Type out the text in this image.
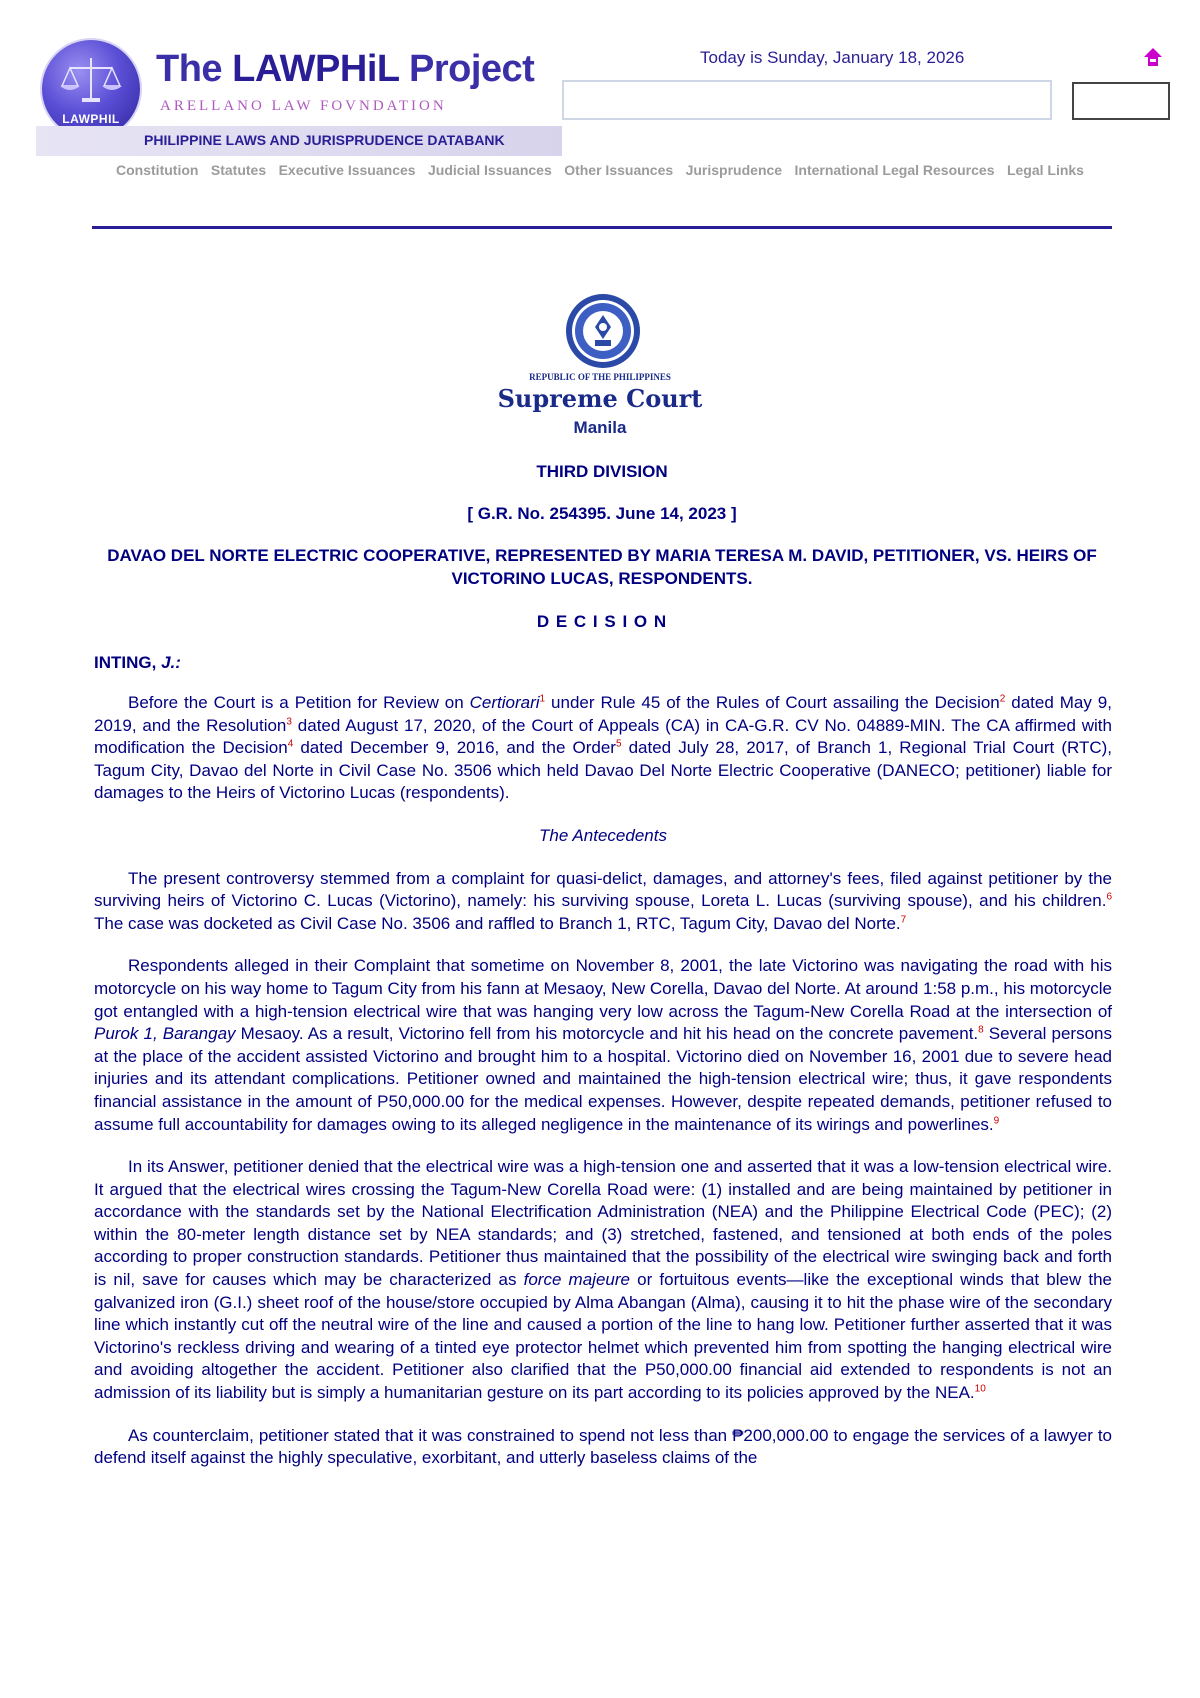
LAWPHIL
The LAWPHiL Project
ARELLANO LAW FOVNDATION
PHILIPPINE LAWS AND JURISPRUDENCE DATABANK
Today is Sunday, January 18, 2026
Constitution Statutes Executive Issuances Judicial Issuances Other Issuances Jurisprudence International Legal Resources Legal Links
REPUBLIC OF THE PHILIPPINES
Supreme Court
Manila
THIRD DIVISION
[ G.R. No. 254395. June 14, 2023 ]
DAVAO DEL NORTE ELECTRIC COOPERATIVE, REPRESENTED BY MARIA TERESA M. DAVID, PETITIONER, VS. HEIRS OF VICTORINO LUCAS, RESPONDENTS.
D E C I S I O N
INTING, J.:

Before the Court is a Petition for Review on Certiorari$^1$ under Rule 45 of the Rules of Court assailing the Decision$^2$ dated May 9, 2019, and the Resolution$^3$ dated August 17, 2020, of the Court of Appeals (CA) in CA-G.R. CV No. 04889-MIN. The CA affirmed with modification the Decision$^4$ dated December 9, 2016, and the Order$^5$ dated July 28, 2017, of Branch 1, Regional Trial Court (RTC), Tagum City, Davao del Norte in Civil Case No. 3506 which held Davao Del Norte Electric Cooperative (DANECO; petitioner) liable for damages to the Heirs of Victorino Lucas (respondents).

The Antecedents

The present controversy stemmed from a complaint for quasi-delict, damages, and attorney's fees, filed against petitioner by the surviving heirs of Victorino C. Lucas (Victorino), namely: his surviving spouse, Loreta L. Lucas (surviving spouse), and his children.$^6$ The case was docketed as Civil Case No. 3506 and raffled to Branch 1, RTC, Tagum City, Davao del Norte.$^7$

Respondents alleged in their Complaint that sometime on November 8, 2001, the late Victorino was navigating the road with his motorcycle on his way home to Tagum City from his fann at Mesaoy, New Corella, Davao del Norte. At around 1:58 p.m., his motorcycle got entangled with a high-tension electrical wire that was hanging very low across the Tagum-New Corella Road at the intersection of Purok 1, Barangay Mesaoy. As a result, Victorino fell from his motorcycle and hit his head on the concrete pavement.$^8$ Several persons at the place of the accident assisted Victorino and brought him to a hospital. Victorino died on November 16, 2001 due to severe head injuries and its attendant complications. Petitioner owned and maintained the high-tension electrical wire; thus, it gave respondents financial assistance in the amount of P50,000.00 for the medical expenses. However, despite repeated demands, petitioner refused to assume full accountability for damages owing to its alleged negligence in the maintenance of its wirings and powerlines.$^9$

In its Answer, petitioner denied that the electrical wire was a high-tension one and asserted that it was a low-tension electrical wire. It argued that the electrical wires crossing the Tagum-New Corella Road were: (1) installed and are being maintained by petitioner in accordance with the standards set by the National Electrification Administration (NEA) and the Philippine Electrical Code (PEC); (2) within the 80-meter length distance set by NEA standards; and (3) stretched, fastened, and tensioned at both ends of the poles according to proper construction standards. Petitioner thus maintained that the possibility of the electrical wire swinging back and forth is nil, save for causes which may be characterized as force majeure or fortuitous events—like the exceptional winds that blew the galvanized iron (G.I.) sheet roof of the house/store occupied by Alma Abangan (Alma), causing it to hit the phase wire of the secondary line which instantly cut off the neutral wire of the line and caused a portion of the line to hang low. Petitioner further asserted that it was Victorino's reckless driving and wearing of a tinted eye protector helmet which prevented him from spotting the hanging electrical wire and avoiding altogether the accident. Petitioner also clarified that the P50,000.00 financial aid extended to respondents is not an admission of its liability but is simply a humanitarian gesture on its part according to its policies approved by the NEA.$^{10}$

As counterclaim, petitioner stated that it was constrained to spend not less than ₱200,000.00 to engage the services of a lawyer to defend itself against the highly speculative, exorbitant, and utterly baseless claims of the
